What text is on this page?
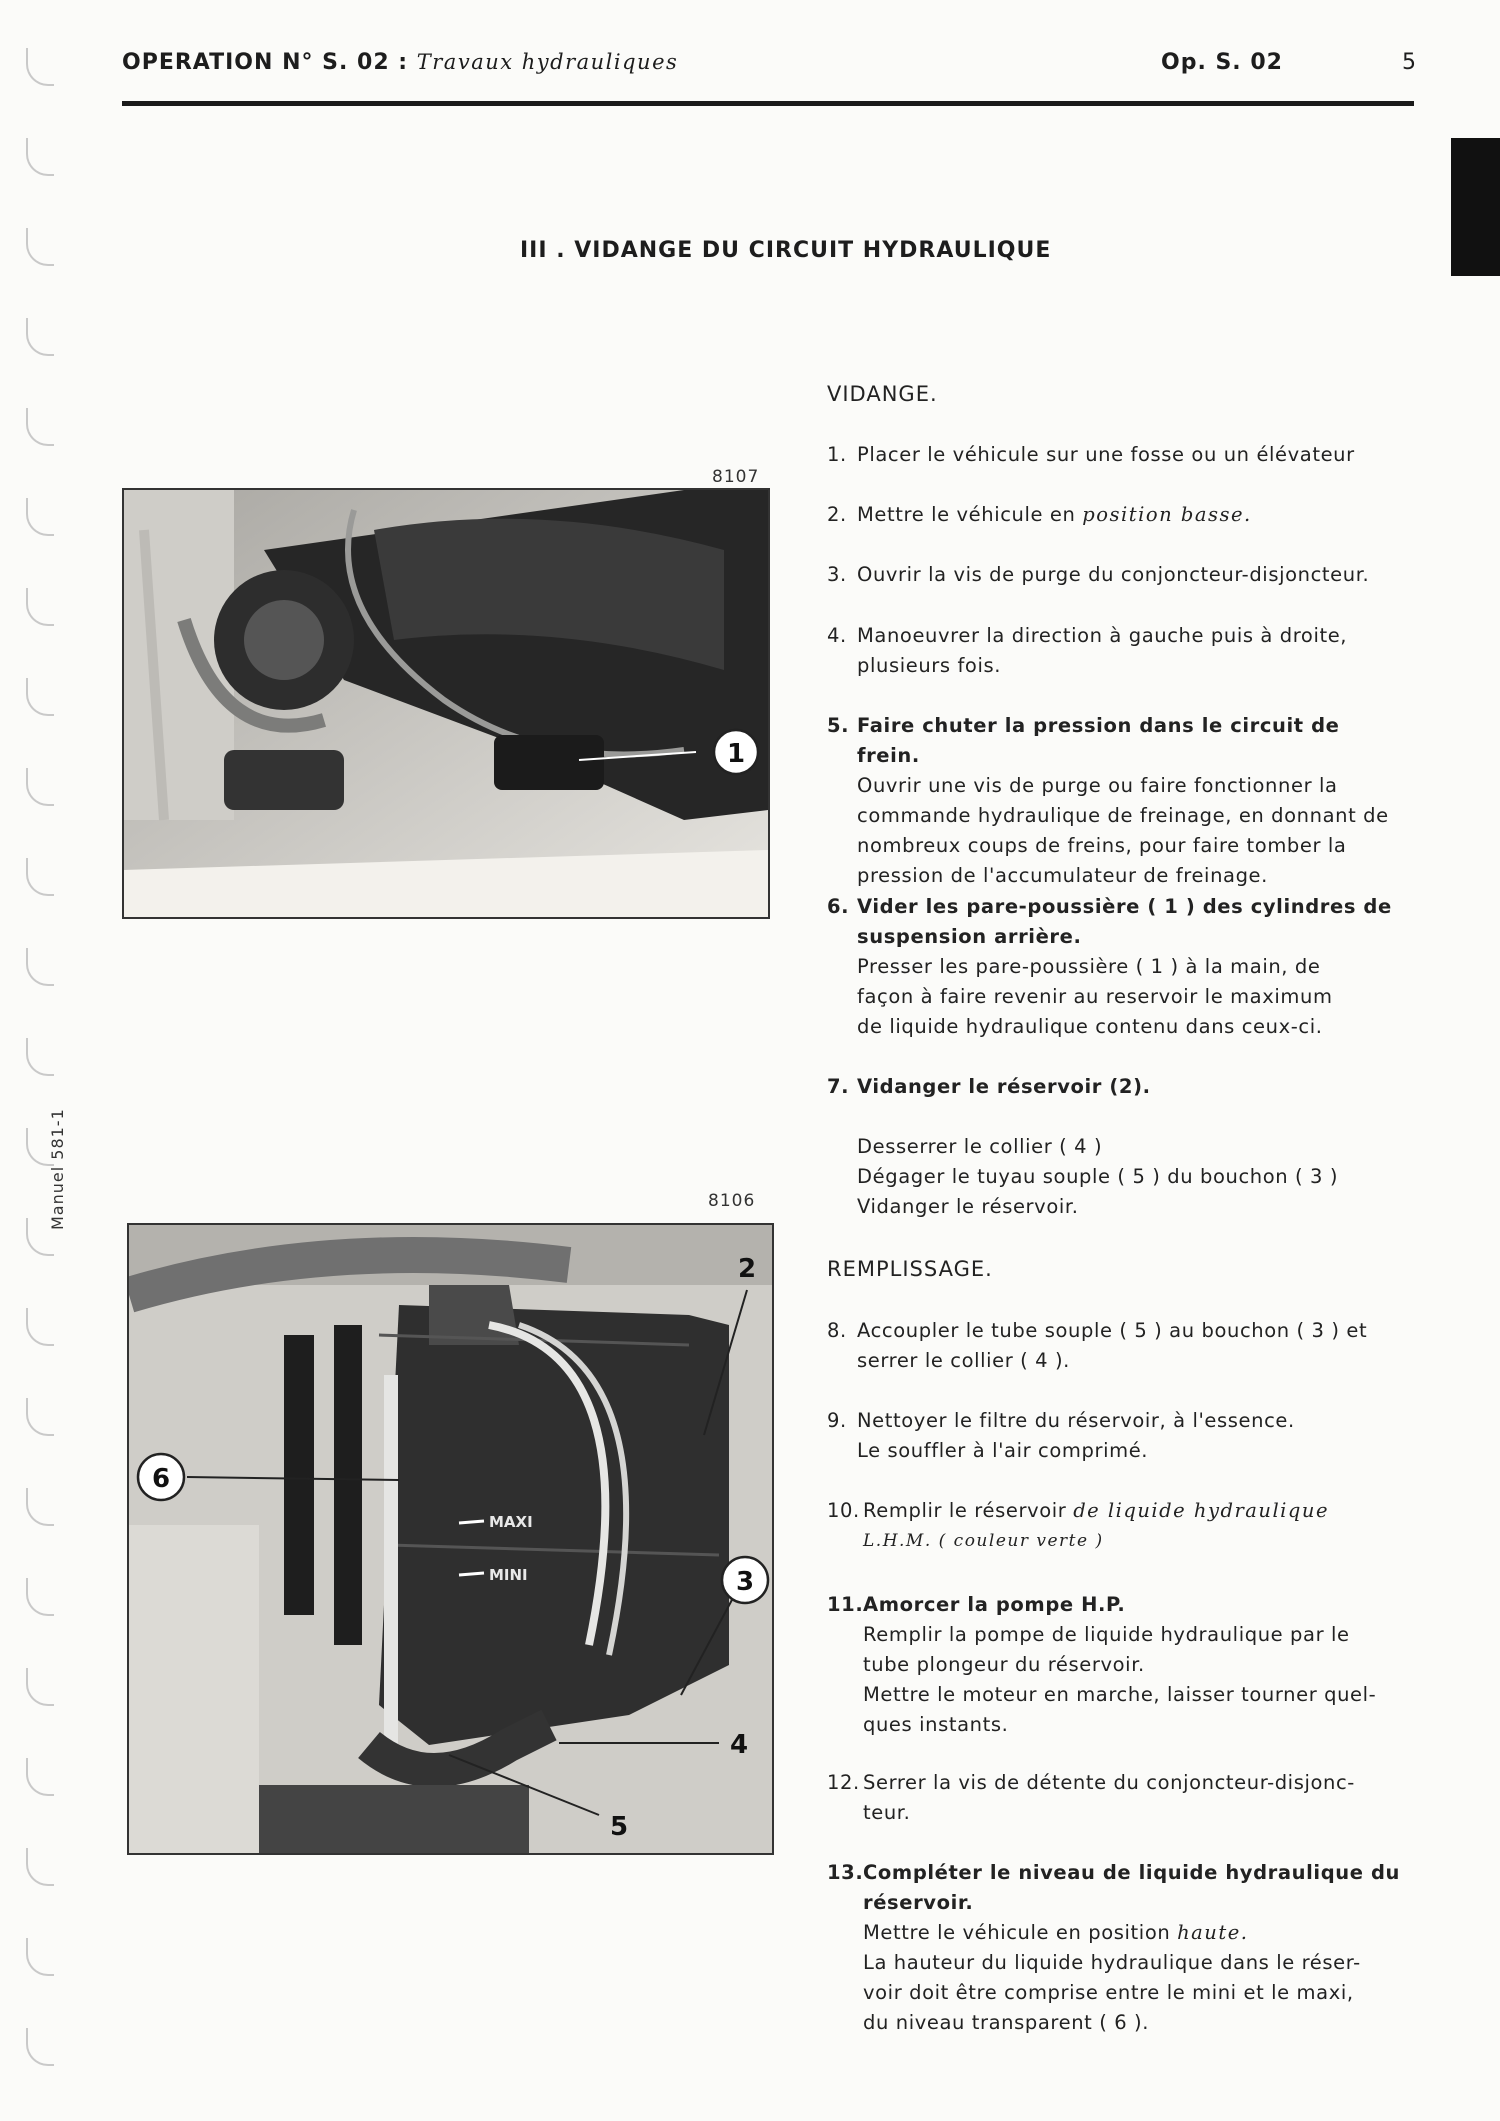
OPERATION N° S. 02 : Travaux hydrauliques	Op. S. 02	5
Manuel 581-1
III . VIDANGE DU CIRCUIT HYDRAULIQUE
8107
1
8106
MAXI
MINI
2
6
3
4
5
VIDANGE.
1. Placer le véhicule sur une fosse ou un élévateur
2. Mettre le véhicule en position basse.
3. Ouvrir la vis de purge du conjoncteur-disjoncteur.
4. Manoeuvrer la direction à gauche puis à droite,
plusieurs fois.
5. Faire chuter la pression dans le circuit de frein.
Ouvrir une vis de purge ou faire fonctionner la
commande hydraulique de freinage, en donnant de
nombreux coups de freins, pour faire tomber la
pression de l'accumulateur de freinage.
6. Vider les pare-poussière ( 1 ) des cylindres de
suspension arrière.
Presser les pare-poussière ( 1 ) à la main, de
façon à faire revenir au reservoir le maximum
de liquide hydraulique contenu dans ceux-ci.
7. Vidanger le réservoir (2).
Desserrer le collier ( 4 )
Dégager le tuyau souple ( 5 ) du bouchon ( 3 )
Vidanger le réservoir.
REMPLISSAGE.
8. Accoupler le tube souple ( 5 ) au bouchon ( 3 ) et
serrer le collier ( 4 ).
9. Nettoyer le filtre du réservoir, à l'essence.
Le souffler à l'air comprimé.
10. Remplir le réservoir de liquide hydraulique
L.H.M. ( couleur verte )
11. Amorcer la pompe H.P.
Remplir la pompe de liquide hydraulique par le
tube plongeur du réservoir.
Mettre le moteur en marche, laisser tourner quel-
ques instants.
12. Serrer la vis de détente du conjoncteur-disjonc-
teur.
13. Compléter le niveau de liquide hydraulique du
réservoir.
Mettre le véhicule en position haute.
La hauteur du liquide hydraulique dans le réser-
voir doit être comprise entre le mini et le maxi,
du niveau transparent ( 6 ).
